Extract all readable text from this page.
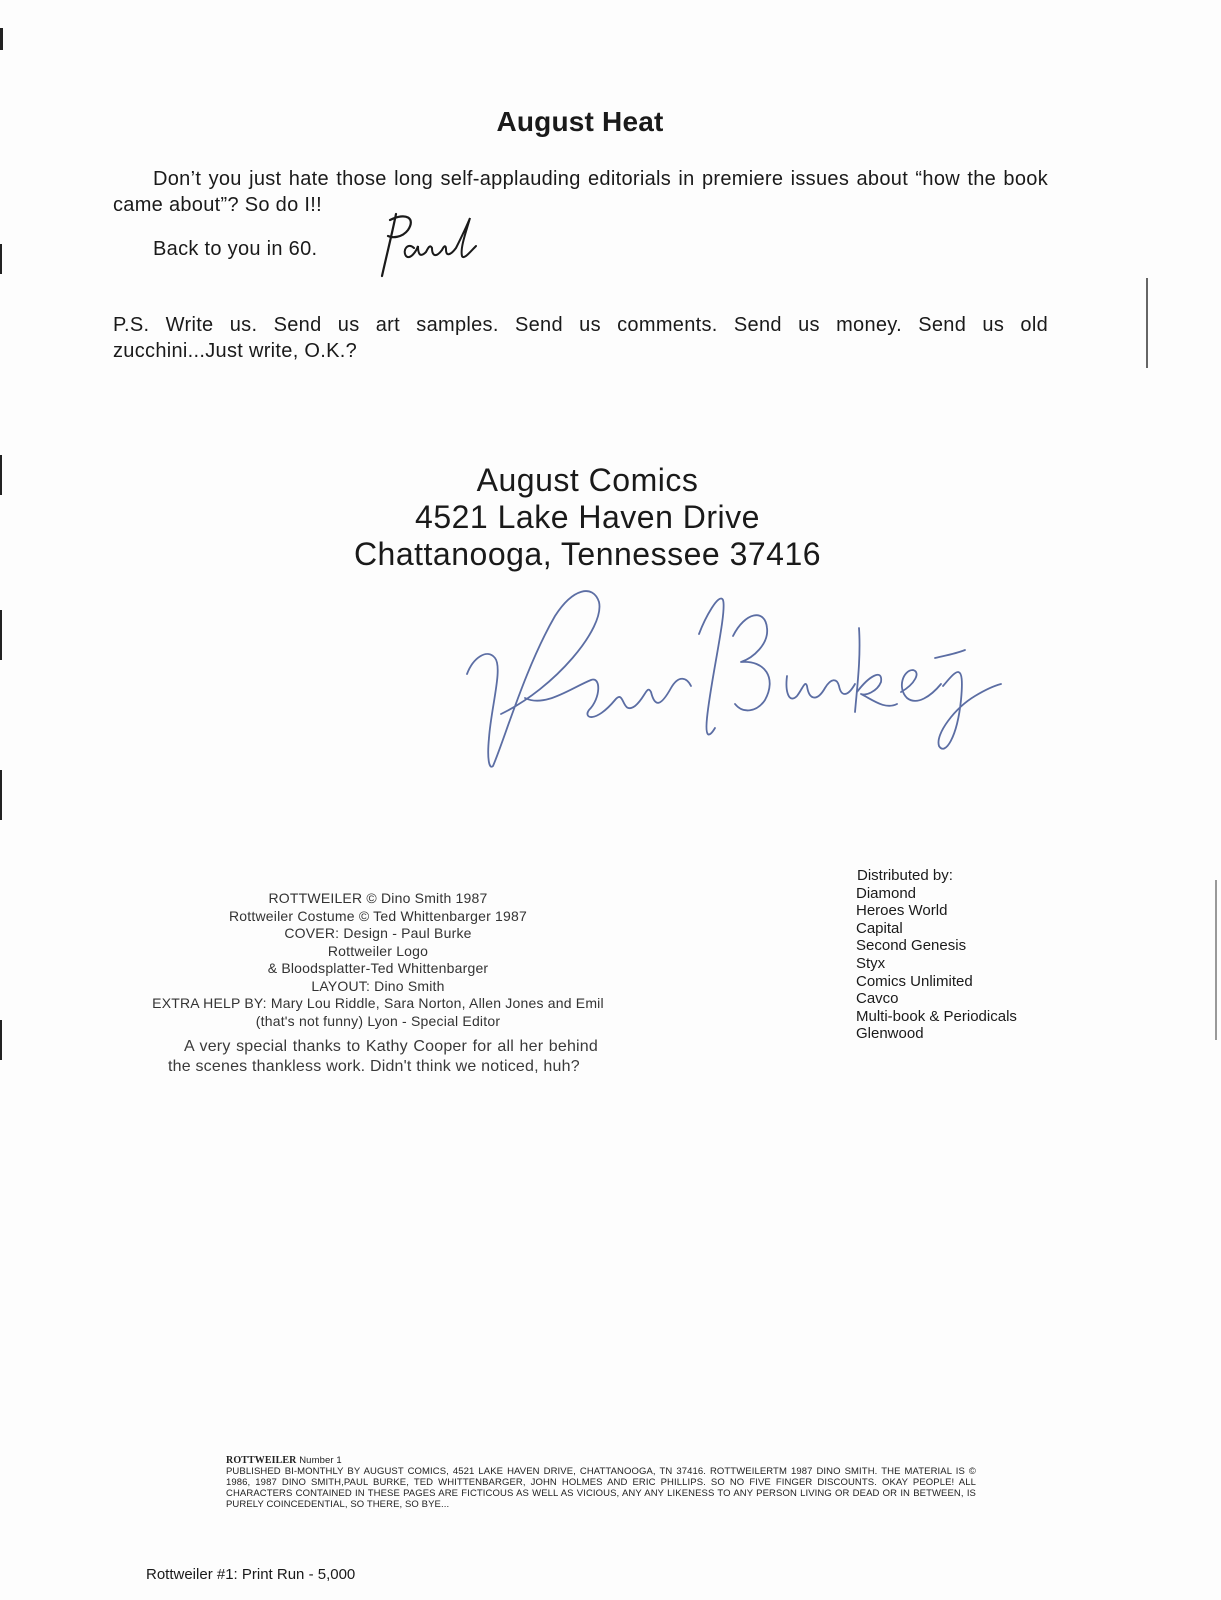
August Heat
Don’t you just hate those long self-applauding editorials in premiere issues about “how the book came about”? So do I!!
Back to you in 60.
P.S. Write us. Send us art samples. Send us comments. Send us money. Send us old
zucchini...Just write, O.K.?
August Comics
4521 Lake Haven Drive
Chattanooga, Tennessee 37416
ROTTWEILER © Dino Smith 1987
Rottweiler Costume © Ted Whittenbarger 1987
COVER: Design - Paul Burke
Rottweiler Logo
& Bloodsplatter-Ted Whittenbarger
LAYOUT: Dino Smith
EXTRA HELP BY: Mary Lou Riddle, Sara Norton, Allen Jones and Emil
(that's not funny) Lyon - Special Editor
A very special thanks to Kathy Cooper for all her behind the scenes thankless work. Didn't think we noticed, huh?
Distributed by:
Diamond
Heroes World
Capital
Second Genesis
Styx
Comics Unlimited
Cavco
Multi-book & Periodicals
Glenwood
ROTTWEILER Number 1
PUBLISHED BI-MONTHLY BY AUGUST COMICS, 4521 LAKE HAVEN DRIVE, CHATTANOOGA, TN 37416. ROTTWEILERTM 1987 DINO SMITH. THE MATERIAL IS © 1986, 1987 DINO SMITH,PAUL BURKE, TED WHITTENBARGER, JOHN HOLMES AND ERIC PHILLIPS. SO NO FIVE FINGER DISCOUNTS. OKAY PEOPLE! ALL CHARACTERS CONTAINED IN THESE PAGES ARE FICTICOUS AS WELL AS VICIOUS, ANY ANY LIKENESS TO ANY PERSON LIVING OR DEAD OR IN BETWEEN, IS PURELY COINCEDENTIAL, SO THERE, SO BYE...
Rottweiler #1: Print Run - 5,000
